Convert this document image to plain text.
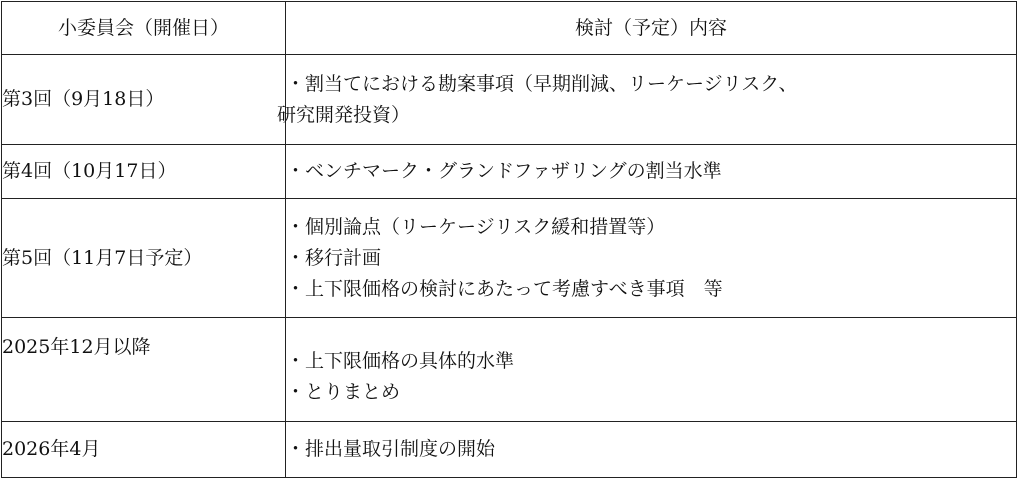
小委員会（開催日）	検討（予定）内容
第3回（9月18日）	・割当てにおける勘案事項（早期削減、リーケージリスク、
研究開発投資）

第4回（10月17日）	・ベンチマーク・グランドファザリングの割当水準

第5回（11月7日予定）	・個別論点（リーケージリスク緩和措置等）
・移行計画
・上下限価格の検討にあたって考慮すべき事項　等

2025年12月以降	・上下限価格の具体的水準
・とりまとめ

2026年4月	・排出量取引制度の開始
